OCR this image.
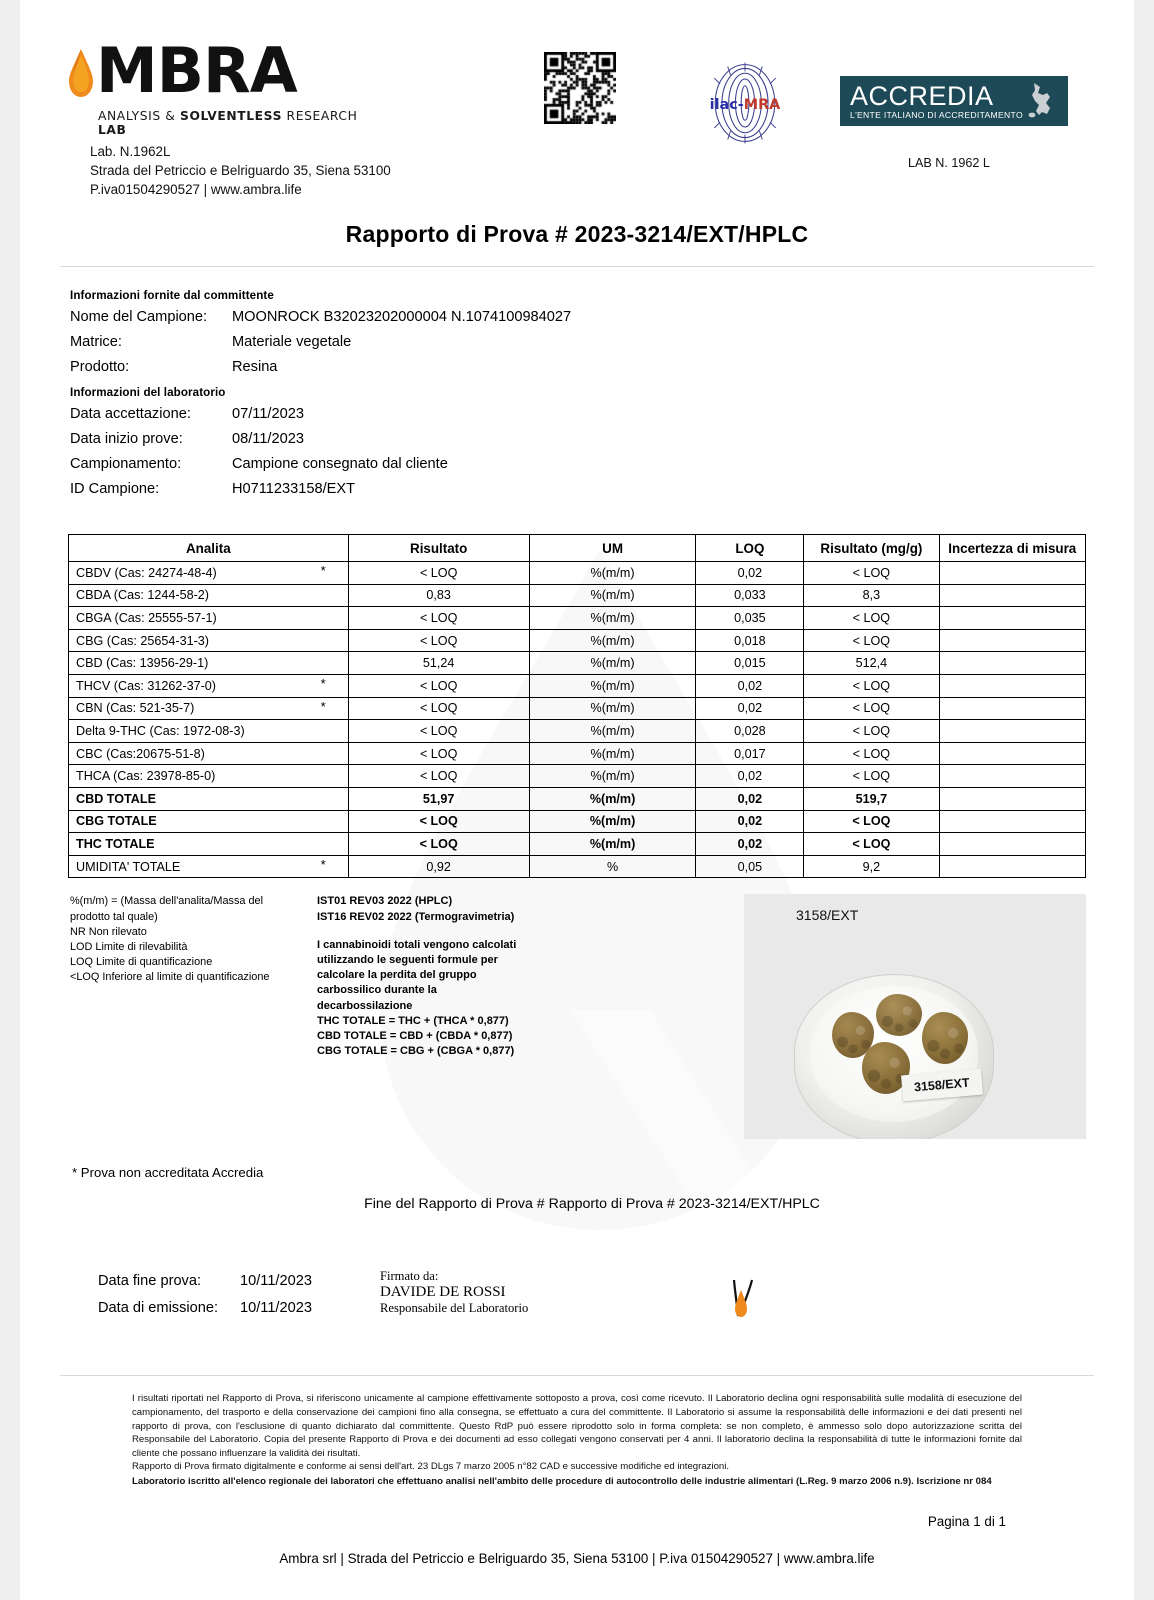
MBRA
ANALYSIS & SOLVENTLESS RESEARCH LAB
Lab. N.1962L
Strada del Petriccio e Belriguardo 35, Siena 53100
P.iva01504290527 | www.ambra.life
ilac-MRA	ACCREDIA
L'ENTE ITALIANO DI ACCREDITAMENTO
LAB N. 1962 L
Rapporto di Prova # 2023-3214/EXT/HPLC
Informazioni fornite dal committente
Nome del Campione:	MOONROCK B32023202000004 N.1074100984027
Matrice:	Materiale vegetale
Prodotto:	Resina
Informazioni del laboratorio
Data accettazione:	07/11/2023
Data inizio prove:	08/11/2023
Campionamento:	Campione consegnato dal cliente
ID Campione:	H0711233158/EXT
Analita	Risultato	UM	LOQ	Risultato (mg/g)	Incertezza di misura
CBDV (Cas: 24274-48-4) *	< LOQ	%(m/m)	0,02	< LOQ	
CBDA (Cas: 1244-58-2)	0,83	%(m/m)	0,033	8,3	
CBGA (Cas: 25555-57-1)	< LOQ	%(m/m)	0,035	< LOQ	
CBG (Cas: 25654-31-3)	< LOQ	%(m/m)	0,018	< LOQ	
CBD (Cas: 13956-29-1)	51,24	%(m/m)	0,015	512,4	
THCV (Cas: 31262-37-0) *	< LOQ	%(m/m)	0,02	< LOQ	
CBN (Cas: 521-35-7) *	< LOQ	%(m/m)	0,02	< LOQ	
Delta 9-THC (Cas: 1972-08-3)	< LOQ	%(m/m)	0,028	< LOQ	
CBC (Cas:20675-51-8)	< LOQ	%(m/m)	0,017	< LOQ	
THCA (Cas: 23978-85-0)	< LOQ	%(m/m)	0,02	< LOQ	
CBD TOTALE	51,97	%(m/m)	0,02	519,7	
CBG TOTALE	< LOQ	%(m/m)	0,02	< LOQ	
THC TOTALE	< LOQ	%(m/m)	0,02	< LOQ	
UMIDITA' TOTALE *	0,92	%	0,05	9,2	
%(m/m) = (Massa dell'analita/Massa del
prodotto tal quale)
NR Non rilevato
LOD Limite di rilevabilità
LOQ Limite di quantificazione
<LOQ Inferiore al limite di quantificazione
IST01 REV03 2022 (HPLC)
IST16 REV02 2022 (Termogravimetria)
I cannabinoidi totali vengono calcolati
utilizzando le seguenti formule per
calcolare la perdita del gruppo
carbossilico durante la
decarbossilazione
THC TOTALE = THC + (THCA * 0,877)
CBD TOTALE = CBD + (CBDA * 0,877)
CBG TOTALE = CBG + (CBGA * 0,877)
3158/EXT
3158/EXT
* Prova non accreditata Accredia
Fine del Rapporto di Prova # Rapporto di Prova # 2023-3214/EXT/HPLC
Data fine prova:	10/11/2023
Data di emissione:	10/11/2023
Firmato da:
DAVIDE DE ROSSI
Responsabile del Laboratorio

I risultati riportati nel Rapporto di Prova, si riferiscono unicamente al campione effettivamente sottoposto a prova, così come ricevuto. Il Laboratorio declina ogni responsabilità sulle modalità di esecuzione del campionamento, del trasporto e della conservazione dei campioni fino alla consegna, se effettuato a cura del committente. Il Laboratorio si assume la responsabilità delle informazioni e dei dati presenti nel rapporto di prova, con l'esclusione di quanto dichiarato dal committente. Questo RdP può essere riprodotto solo in forma completa: se non completo, è ammesso solo dopo autorizzazione scritta del Responsabile del Laboratorio. Copia del presente Rapporto di Prova e dei documenti ad esso collegati vengono conservati per 4 anni. Il laboratorio declina la responsabilità di tutte le informazioni fornite dal cliente che possano influenzare la validità dei risultati.

Rapporto di Prova firmato digitalmente e conforme ai sensi dell'art. 23 DLgs 7 marzo 2005 n°82 CAD e successive modifiche ed integrazioni.

Laboratorio iscritto all'elenco regionale dei laboratori che effettuano analisi nell'ambito delle procedure di autocontrollo delle industrie alimentari (L.Reg. 9 marzo 2006 n.9). Iscrizione nr 084

Pagina 1 di 1
Ambra srl | Strada del Petriccio e Belriguardo 35, Siena 53100 | P.iva 01504290527 | www.ambra.life
